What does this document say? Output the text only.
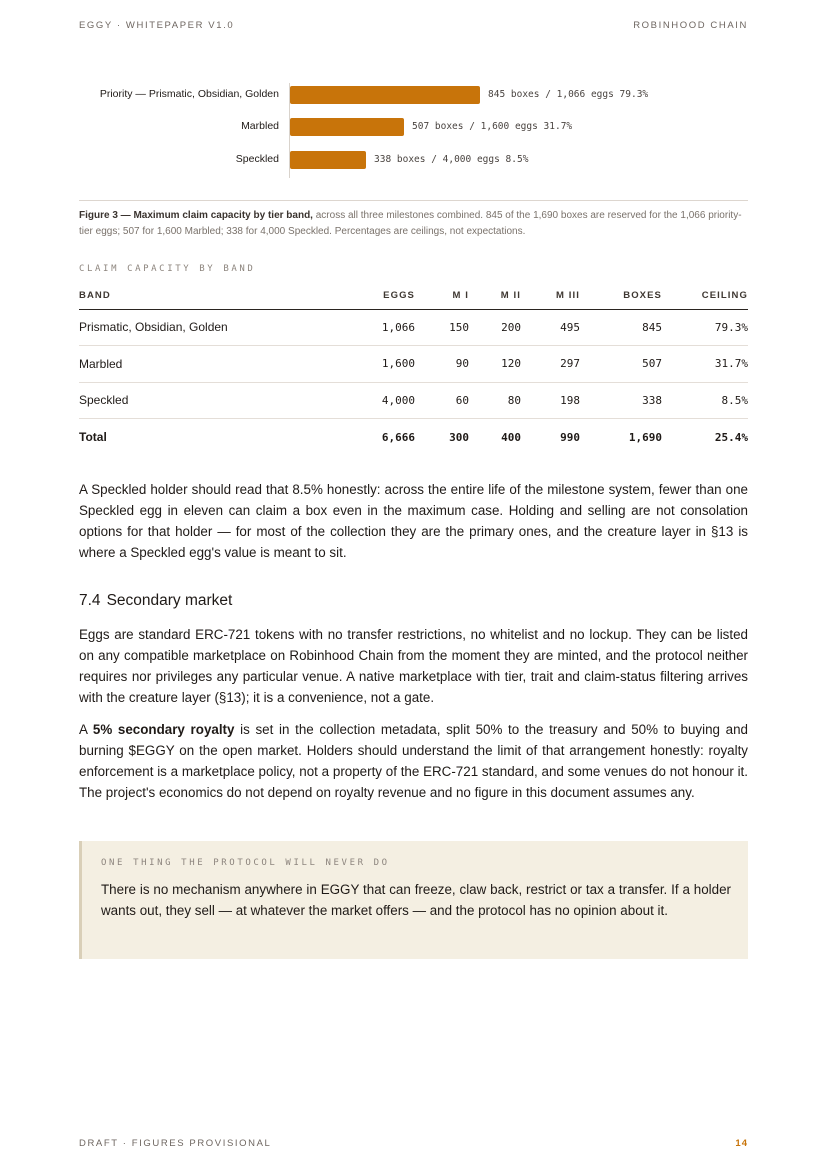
EGGY · WHITEPAPER V1.0	ROBINHOOD CHAIN
Priority — Prismatic, Obsidian, Golden	845 boxes / 1,066 eggs 79.3%
Marbled	507 boxes / 1,600 eggs 31.7%
Speckled	338 boxes / 4,000 eggs 8.5%

Figure 3 — Maximum claim capacity by tier band, across all three milestones combined. 845 of the 1,690 boxes are reserved for the 1,066 priority-tier eggs; 507 for 1,600 Marbled; 338 for 4,000 Speckled. Percentages are ceilings, not expectations.

CLAIM CAPACITY BY BAND
BAND	EGGS	M I	M II	M III	BOXES	CEILING
Prismatic, Obsidian, Golden	1,066	150	200	495	845	79.3%
Marbled	1,600	90	120	297	507	31.7%
Speckled	4,000	60	80	198	338	8.5%
Total	6,666	300	400	990	1,690	25.4%

A Speckled holder should read that 8.5% honestly: across the entire life of the milestone system, fewer than one Speckled egg in eleven can claim a box even in the maximum case. Holding and selling are not consolation options for that holder — for most of the collection they are the primary ones, and the creature layer in §13 is where a Speckled egg's value is meant to sit.

7.4 Secondary market

Eggs are standard ERC-721 tokens with no transfer restrictions, no whitelist and no lockup. They can be listed on any compatible marketplace on Robinhood Chain from the moment they are minted, and the protocol neither requires nor privileges any particular venue. A native marketplace with tier, trait and claim-status filtering arrives with the creature layer (§13); it is a convenience, not a gate.

A 5% secondary royalty is set in the collection metadata, split 50% to the treasury and 50% to buying and burning $EGGY on the open market. Holders should understand the limit of that arrangement honestly: royalty enforcement is a marketplace policy, not a property of the ERC-721 standard, and some venues do not honour it. The project's economics do not depend on royalty revenue and no figure in this document assumes any.

ONE THING THE PROTOCOL WILL NEVER DO

There is no mechanism anywhere in EGGY that can freeze, claw back, restrict or tax a transfer. If a holder wants out, they sell — at whatever the market offers — and the protocol has no opinion about it.

DRAFT · FIGURES PROVISIONAL	14
